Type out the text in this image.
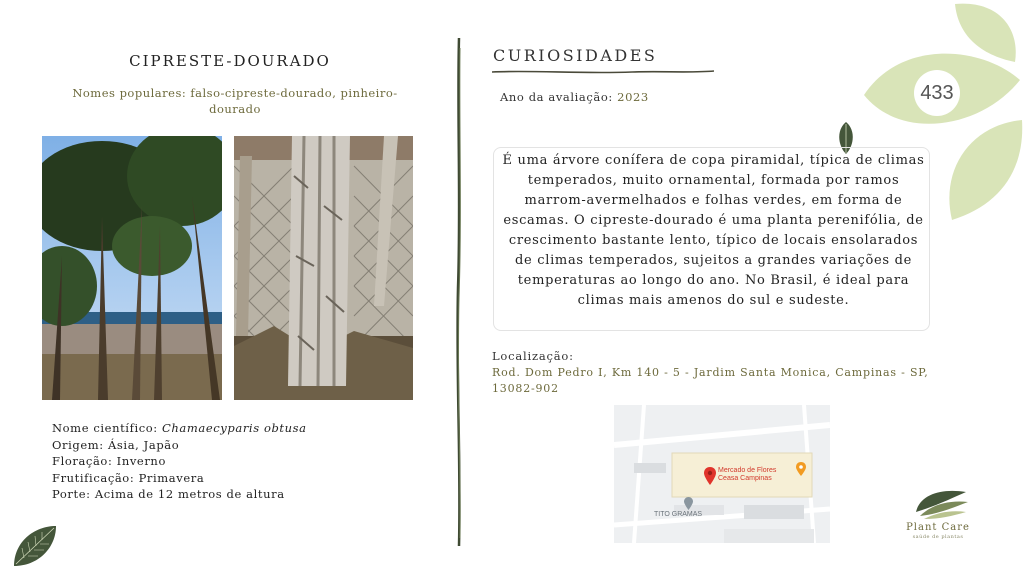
433
CIPRESTE-DOURADO
Nomes populares: falso-cipreste-dourado, pinheiro-dourado
Nome científico: Chamaecyparis obtusa
Origem: Ásia, Japão
Floração: Inverno
Frutificação: Primavera
Porte: Acima de 12 metros de altura
CURIOSIDADES
Ano da avaliação: 2023
É uma árvore conífera de copa piramidal, típica de climas temperados, muito ornamental, formada por ramos marrom-avermelhados e folhas verdes, em forma de escamas. O cipreste-dourado é uma planta perenifólia, de crescimento bastante lento, típico de locais ensolarados de climas temperados, sujeitos a grandes variações de temperaturas ao longo do ano. No Brasil, é ideal para climas mais amenos do sul e sudeste.
Localização:
Rod. Dom Pedro I, Km 140 - 5 - Jardim Santa Monica, Campinas - SP, 13082-902
Mercado de Flores
Ceasa Campinas
TITO GRAMAS
Plant Care
saúde de plantas
